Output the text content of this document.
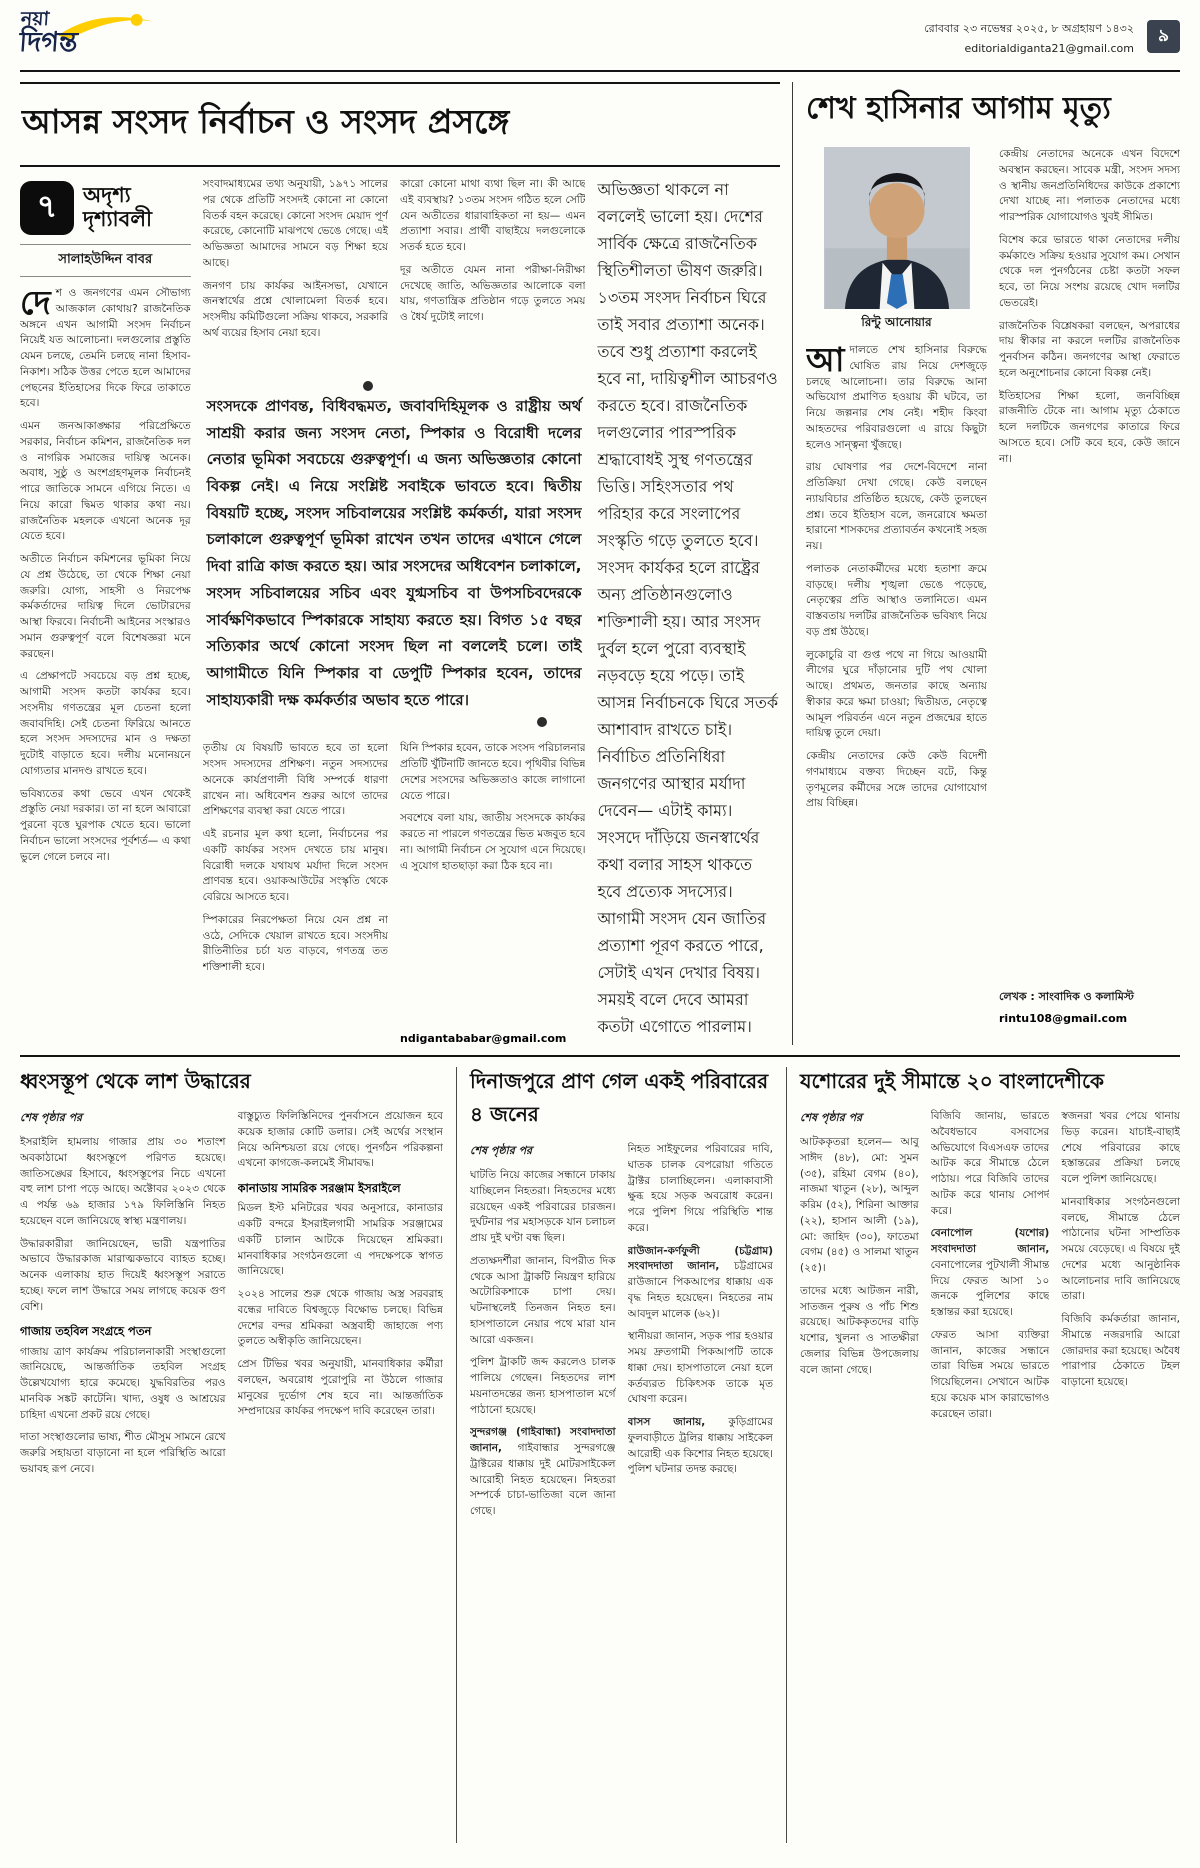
নয়া
দিগন্ত	রোববার ২৩ নভেম্বর ২০২৫, ৮ অগ্রহায়ণ ১৪৩২
editorialdiganta21@gmail.com
৯
আসন্ন সংসদ নির্বাচন ও সংসদ প্রসঙ্গে
৭ অদৃশ্য
দৃশ্যাবলী
সালাহউদ্দিন বাবর

দেশ ও জনগণের এমন সৌভাগ্য আজকাল কোথায়? রাজনৈতিক অঙ্গনে এখন আগামী সংসদ নির্বাচন নিয়েই যত আলোচনা। দলগুলোর প্রস্তুতি যেমন চলছে, তেমনি চলছে নানা হিসাব-নিকাশ। সঠিক উত্তর পেতে হলে আমাদের পেছনের ইতিহাসের দিকে ফিরে তাকাতে হবে।

এমন জনআকাঙ্ক্ষার পরিপ্রেক্ষিতে সরকার, নির্বাচন কমিশন, রাজনৈতিক দল ও নাগরিক সমাজের দায়িত্ব অনেক। অবাধ, সুষ্ঠু ও অংশগ্রহণমূলক নির্বাচনই পারে জাতিকে সামনে এগিয়ে নিতে। এ নিয়ে কারো দ্বিমত থাকার কথা নয়। রাজনৈতিক মহলকে এখনো অনেক দূর যেতে হবে।

অতীতে নির্বাচন কমিশনের ভূমিকা নিয়ে যে প্রশ্ন উঠেছে, তা থেকে শিক্ষা নেয়া জরুরি। যোগ্য, সাহসী ও নিরপেক্ষ কর্মকর্তাদের দায়িত্ব দিলে ভোটারদের আস্থা ফিরবে। নির্বাচনী আইনের সংস্কারও সমান গুরুত্বপূর্ণ বলে বিশেষজ্ঞরা মনে করছেন।

এ প্রেক্ষাপটে সবচেয়ে বড় প্রশ্ন হচ্ছে, আগামী সংসদ কতটা কার্যকর হবে। সংসদীয় গণতন্ত্রের মূল চেতনা হলো জবাবদিহি। সেই চেতনা ফিরিয়ে আনতে হলে সংসদ সদস্যদের মান ও দক্ষতা দুটোই বাড়াতে হবে। দলীয় মনোনয়নে যোগ্যতার মানদণ্ড রাখতে হবে।

ভবিষ্যতের কথা ভেবে এখন থেকেই প্রস্তুতি নেয়া দরকার। তা না হলে আবারো পুরনো বৃত্তে ঘুরপাক খেতে হবে। ভালো নির্বাচন ভালো সংসদের পূর্বশর্ত— এ কথা ভুলে গেলে চলবে না।

সংবাদমাধ্যমের তথ্য অনুযায়ী, ১৯৭১ সালের পর থেকে প্রতিটি সংসদই কোনো না কোনো বিতর্ক বহন করেছে। কোনো সংসদ মেয়াদ পূর্ণ করেছে, কোনোটি মাঝপথে ভেঙে গেছে। এই অভিজ্ঞতা আমাদের সামনে বড় শিক্ষা হয়ে আছে।

জনগণ চায় কার্যকর আইনসভা, যেখানে জনস্বার্থের প্রশ্নে খোলামেলা বিতর্ক হবে। সংসদীয় কমিটিগুলো সক্রিয় থাকবে, সরকারি অর্থ ব্যয়ের হিসাব নেয়া হবে।

কারো কোনো মাথা ব্যথা ছিল না। কী আছে এই ব্যবস্থায়? ১৩তম সংসদ গঠিত হলে সেটি যেন অতীতের ধারাবাহিকতা না হয়— এমন প্রত্যাশা সবার। প্রার্থী বাছাইয়ে দলগুলোকে সতর্ক হতে হবে।

দূর অতীতে যেমন নানা পরীক্ষা-নিরীক্ষা দেখেছে জাতি, অভিজ্ঞতার আলোকে বলা যায়, গণতান্ত্রিক প্রতিষ্ঠান গড়ে তুলতে সময় ও ধৈর্য দুটোই লাগে।

সংসদকে প্রাণবন্ত, বিধিবদ্ধমত, জবাবদিহিমূলক ও রাষ্ট্রীয় অর্থ সাশ্রয়ী করার জন্য সংসদ নেতা, স্পিকার ও বিরোধী দলের নেতার ভূমিকা সবচেয়ে গুরুত্বপূর্ণ। এ জন্য অভিজ্ঞতার কোনো বিকল্প নেই। এ নিয়ে সংশ্লিষ্ট সবাইকে ভাবতে হবে। দ্বিতীয় বিষয়টি হচ্ছে, সংসদ সচিবালয়ের সংশ্লিষ্ট কর্মকর্তা, যারা সংসদ চলাকালে গুরুত্বপূর্ণ ভূমিকা রাখেন তখন তাদের এখানে গেলে দিবা রাত্রি কাজ করতে হয়। আর সংসদের অধিবেশন চলাকালে, সংসদ সচিবালয়ের সচিব এবং যুগ্মসচিব বা উপসচিবদেরকে সার্বক্ষণিকভাবে স্পিকারকে সাহায্য করতে হয়। বিগত ১৫ বছর সত্যিকার অর্থে কোনো সংসদ ছিল না বললেই চলে। তাই আগামীতে যিনি স্পিকার বা ডেপুটি স্পিকার হবেন, তাদের সাহায্যকারী দক্ষ কর্মকর্তার অভাব হতে পারে।

তৃতীয় যে বিষয়টি ভাবতে হবে তা হলো সংসদ সদস্যদের প্রশিক্ষণ। নতুন সদস্যদের অনেকে কার্যপ্রণালী বিধি সম্পর্কে ধারণা রাখেন না। অধিবেশন শুরুর আগে তাদের প্রশিক্ষণের ব্যবস্থা করা যেতে পারে।

এই রচনার মূল কথা হলো, নির্বাচনের পর একটি কার্যকর সংসদ দেখতে চায় মানুষ। বিরোধী দলকে যথাযথ মর্যাদা দিলে সংসদ প্রাণবন্ত হবে। ওয়াকআউটের সংস্কৃতি থেকে বেরিয়ে আসতে হবে।

স্পিকারের নিরপেক্ষতা নিয়ে যেন প্রশ্ন না ওঠে, সেদিকে খেয়াল রাখতে হবে। সংসদীয় রীতিনীতির চর্চা যত বাড়বে, গণতন্ত্র তত শক্তিশালী হবে।

যিনি স্পিকার হবেন, তাকে সংসদ পরিচালনার প্রতিটি খুঁটিনাটি জানতে হবে। পৃথিবীর বিভিন্ন দেশের সংসদের অভিজ্ঞতাও কাজে লাগানো যেতে পারে।

সবশেষে বলা যায়, জাতীয় সংসদকে কার্যকর করতে না পারলে গণতন্ত্রের ভিত মজবুত হবে না। আগামী নির্বাচন সে সুযোগ এনে দিয়েছে। এ সুযোগ হাতছাড়া করা ঠিক হবে না।

ndigantababar@gmail.com

অভিজ্ঞতা থাকলে না বললেই ভালো হয়। দেশের সার্বিক ক্ষেত্রে রাজনৈতিক স্থিতিশীলতা ভীষণ জরুরি। ১৩তম সংসদ নির্বাচন ঘিরে তাই সবার প্রত্যাশা অনেক।

তবে শুধু প্রত্যাশা করলেই হবে না, দায়িত্বশীল আচরণও করতে হবে। রাজনৈতিক দলগুলোর পারস্পরিক শ্রদ্ধাবোধই সুস্থ গণতন্ত্রের ভিত্তি। সহিংসতার পথ পরিহার করে সংলাপের সংস্কৃতি গড়ে তুলতে হবে।

সংসদ কার্যকর হলে রাষ্ট্রের অন্য প্রতিষ্ঠানগুলোও শক্তিশালী হয়। আর সংসদ দুর্বল হলে পুরো ব্যবস্থাই নড়বড়ে হয়ে পড়ে। তাই আসন্ন নির্বাচনকে ঘিরে সতর্ক আশাবাদ রাখতে চাই।

নির্বাচিত প্রতিনিধিরা জনগণের আস্থার মর্যাদা দেবেন— এটাই কাম্য। সংসদে দাঁড়িয়ে জনস্বার্থের কথা বলার সাহস থাকতে হবে প্রত্যেক সদস্যের।

আগামী সংসদ যেন জাতির প্রত্যাশা পূরণ করতে পারে, সেটাই এখন দেখার বিষয়। সময়ই বলে দেবে আমরা কতটা এগোতে পারলাম।

শেখ হাসিনার আগাম মৃত্যু
রিন্টু আনোয়ার

আদালতে শেখ হাসিনার বিরুদ্ধে ঘোষিত রায় নিয়ে দেশজুড়ে চলছে আলোচনা। তার বিরুদ্ধে আনা অভিযোগ প্রমাণিত হওয়ায় কী ঘটবে, তা নিয়ে জল্পনার শেষ নেই। শহীদ কিংবা আহতদের পরিবারগুলো এ রায়ে কিছুটা হলেও সান্ত্বনা খুঁজছে।

রায় ঘোষণার পর দেশে-বিদেশে নানা প্রতিক্রিয়া দেখা গেছে। কেউ বলছেন ন্যায়বিচার প্রতিষ্ঠিত হয়েছে, কেউ তুলছেন প্রশ্ন। তবে ইতিহাস বলে, জনরোষে ক্ষমতা হারানো শাসকদের প্রত্যাবর্তন কখনোই সহজ নয়।

পলাতক নেতাকর্মীদের মধ্যে হতাশা ক্রমে বাড়ছে। দলীয় শৃঙ্খলা ভেঙে পড়েছে, নেতৃত্বের প্রতি আস্থাও তলানিতে। এমন বাস্তবতায় দলটির রাজনৈতিক ভবিষ্যৎ নিয়ে বড় প্রশ্ন উঠছে।

লুকোচুরি বা গুপ্ত পথে না গিয়ে আওয়ামী লীগের ঘুরে দাঁড়ানোর দুটি পথ খোলা আছে। প্রথমত, জনতার কাছে অন্যায় স্বীকার করে ক্ষমা চাওয়া; দ্বিতীয়ত, নেতৃত্বে আমূল পরিবর্তন এনে নতুন প্রজন্মের হাতে দায়িত্ব তুলে দেয়া।

কেন্দ্রীয় নেতাদের কেউ কেউ বিদেশী গণমাধ্যমে বক্তব্য দিচ্ছেন বটে, কিন্তু তৃণমূলের কর্মীদের সঙ্গে তাদের যোগাযোগ প্রায় বিচ্ছিন্ন।

কেন্দ্রীয় নেতাদের অনেকে এখন বিদেশে অবস্থান করছেন। সাবেক মন্ত্রী, সংসদ সদস্য ও স্থানীয় জনপ্রতিনিধিদের কাউকে প্রকাশ্যে দেখা যাচ্ছে না। পলাতক নেতাদের মধ্যে পারস্পরিক যোগাযোগও খুবই সীমিত।

বিশেষ করে ভারতে থাকা নেতাদের দলীয় কর্মকাণ্ডে সক্রিয় হওয়ার সুযোগ কম। সেখান থেকে দল পুনর্গঠনের চেষ্টা কতটা সফল হবে, তা নিয়ে সংশয় রয়েছে খোদ দলটির ভেতরেই।

রাজনৈতিক বিশ্লেষকরা বলছেন, অপরাধের দায় স্বীকার না করলে দলটির রাজনৈতিক পুনর্বাসন কঠিন। জনগণের আস্থা ফেরাতে হলে অনুশোচনার কোনো বিকল্প নেই।

ইতিহাসের শিক্ষা হলো, জনবিচ্ছিন্ন রাজনীতি টেকে না। আগাম মৃত্যু ঠেকাতে হলে দলটিকে জনগণের কাতারে ফিরে আসতে হবে। সেটি কবে হবে, কেউ জানে না।

লেখক : সাংবাদিক ও কলামিস্ট
rintu108@gmail.com
ধ্বংসস্তূপ থেকে লাশ উদ্ধারের
শেষ পৃষ্ঠার পর

ইসরাইলি হামলায় গাজার প্রায় ৩০ শতাংশ অবকাঠামো ধ্বংসস্তূপে পরিণত হয়েছে। জাতিসঙ্ঘের হিসাবে, ধ্বংসস্তূপের নিচে এখনো বহু লাশ চাপা পড়ে আছে। অক্টোবর ২০২৩ থেকে এ পর্যন্ত ৬৯ হাজার ১৭৯ ফিলিস্তিনি নিহত হয়েছেন বলে জানিয়েছে স্বাস্থ্য মন্ত্রণালয়।

উদ্ধারকারীরা জানিয়েছেন, ভারী যন্ত্রপাতির অভাবে উদ্ধারকাজ মারাত্মকভাবে ব্যাহত হচ্ছে। অনেক এলাকায় হাত দিয়েই ধ্বংসস্তূপ সরাতে হচ্ছে। ফলে লাশ উদ্ধারে সময় লাগছে কয়েক গুণ বেশি।

গাজায় তহবিল সংগ্রহে পতন

গাজায় ত্রাণ কার্যক্রম পরিচালনাকারী সংস্থাগুলো জানিয়েছে, আন্তর্জাতিক তহবিল সংগ্রহ উল্লেখযোগ্য হারে কমেছে। যুদ্ধবিরতির পরও মানবিক সঙ্কট কাটেনি। খাদ্য, ওষুধ ও আশ্রয়ের চাহিদা এখনো প্রকট রয়ে গেছে।

দাতা সংস্থাগুলোর ভাষ্য, শীত মৌসুম সামনে রেখে জরুরি সহায়তা বাড়ানো না হলে পরিস্থিতি আরো ভয়াবহ রূপ নেবে।

বাস্তুচ্যুত ফিলিস্তিনিদের পুনর্বাসনে প্রয়োজন হবে কয়েক হাজার কোটি ডলার। সেই অর্থের সংস্থান নিয়ে অনিশ্চয়তা রয়ে গেছে। পুনর্গঠন পরিকল্পনা এখনো কাগজে-কলমেই সীমাবদ্ধ।

কানাডায় সামরিক সরঞ্জাম ইসরাইলে

মিডল ইস্ট মনিটরের খবর অনুসারে, কানাডার একটি বন্দরে ইসরাইলগামী সামরিক সরঞ্জামের একটি চালান আটকে দিয়েছেন শ্রমিকরা। মানবাধিকার সংগঠনগুলো এ পদক্ষেপকে স্বাগত জানিয়েছে।

২০২৪ সালের শুরু থেকে গাজায় অস্ত্র সরবরাহ বন্ধের দাবিতে বিশ্বজুড়ে বিক্ষোভ চলছে। বিভিন্ন দেশের বন্দর শ্রমিকরা অস্ত্রবাহী জাহাজে পণ্য তুলতে অস্বীকৃতি জানিয়েছেন।

প্রেস টিভির খবর অনুযায়ী, মানবাধিকার কর্মীরা বলছেন, অবরোধ পুরোপুরি না উঠলে গাজার মানুষের দুর্ভোগ শেষ হবে না। আন্তর্জাতিক সম্প্রদায়ের কার্যকর পদক্ষেপ দাবি করেছেন তারা।

দিনাজপুরে প্রাণ গেল একই পরিবারের ৪ জনের
শেষ পৃষ্ঠার পর

ঘাটতি নিয়ে কাজের সন্ধানে ঢাকায় যাচ্ছিলেন নিহতরা। নিহতদের মধ্যে রয়েছেন একই পরিবারের চারজন। দুর্ঘটনার পর মহাসড়কে যান চলাচল প্রায় দুই ঘণ্টা বন্ধ ছিল।

প্রত্যক্ষদর্শীরা জানান, বিপরীত দিক থেকে আসা ট্রাকটি নিয়ন্ত্রণ হারিয়ে অটোরিকশাকে চাপা দেয়। ঘটনাস্থলেই তিনজন নিহত হন। হাসপাতালে নেয়ার পথে মারা যান আরো একজন।

পুলিশ ট্রাকটি জব্দ করলেও চালক পালিয়ে গেছেন। নিহতদের লাশ ময়নাতদন্তের জন্য হাসপাতাল মর্গে পাঠানো হয়েছে।

সুন্দরগঞ্জ (গাইবান্ধা) সংবাদদাতা জানান, গাইবান্ধার সুন্দরগঞ্জে ট্রাক্টরের ধাক্কায় দুই মোটরসাইকেল আরোহী নিহত হয়েছেন। নিহতরা সম্পর্কে চাচা-ভাতিজা বলে জানা গেছে।

নিহত সাইফুলের পরিবারের দাবি, ঘাতক চালক বেপরোয়া গতিতে ট্রাক্টর চালাচ্ছিলেন। এলাকাবাসী ক্ষুব্ধ হয়ে সড়ক অবরোধ করেন। পরে পুলিশ গিয়ে পরিস্থিতি শান্ত করে।

রাউজান-কর্ণফুলী (চট্টগ্রাম) সংবাদদাতা জানান, চট্টগ্রামের রাউজানে পিকআপের ধাক্কায় এক বৃদ্ধ নিহত হয়েছেন। নিহতের নাম আবদুল মালেক (৬২)।

স্থানীয়রা জানান, সড়ক পার হওয়ার সময় দ্রুতগামী পিকআপটি তাকে ধাক্কা দেয়। হাসপাতালে নেয়া হলে কর্তব্যরত চিকিৎসক তাকে মৃত ঘোষণা করেন।

বাসস জানায়, কুড়িগ্রামের ফুলবাড়ীতে ট্রলির ধাক্কায় সাইকেল আরোহী এক কিশোর নিহত হয়েছে। পুলিশ ঘটনার তদন্ত করছে।

যশোরের দুই সীমান্তে ২০ বাংলাদেশীকে
শেষ পৃষ্ঠার পর

আটককৃতরা হলেন— আবু সাঈদ (৪৮), মো: সুমন (৩৫), রহিমা বেগম (৪০), নাজমা খাতুন (২৮), আব্দুল করিম (৫২), শিরিনা আক্তার (২২), হাসান আলী (১৯), মো: জাহিদ (৩০), ফাতেমা বেগম (৪৫) ও সালমা খাতুন (২৫)।

তাদের মধ্যে আটজন নারী, সাতজন পুরুষ ও পাঁচ শিশু রয়েছে। আটককৃতদের বাড়ি যশোর, খুলনা ও সাতক্ষীরা জেলার বিভিন্ন উপজেলায় বলে জানা গেছে।

বিজিবি জানায়, ভারতে অবৈধভাবে বসবাসের অভিযোগে বিএসএফ তাদের আটক করে সীমান্তে ঠেলে পাঠায়। পরে বিজিবি তাদের আটক করে থানায় সোপর্দ করে।

বেনাপোল (যশোর) সংবাদদাতা জানান, বেনাপোলের পুটখালী সীমান্ত দিয়ে ফেরত আসা ১০ জনকে পুলিশের কাছে হস্তান্তর করা হয়েছে।

ফেরত আসা ব্যক্তিরা জানান, কাজের সন্ধানে তারা বিভিন্ন সময়ে ভারতে গিয়েছিলেন। সেখানে আটক হয়ে কয়েক মাস কারাভোগও করেছেন তারা।

স্বজনরা খবর পেয়ে থানায় ভিড় করেন। যাচাই-বাছাই শেষে পরিবারের কাছে হস্তান্তরের প্রক্রিয়া চলছে বলে পুলিশ জানিয়েছে।

মানবাধিকার সংগঠনগুলো বলছে, সীমান্তে ঠেলে পাঠানোর ঘটনা সাম্প্রতিক সময়ে বেড়েছে। এ বিষয়ে দুই দেশের মধ্যে আনুষ্ঠানিক আলোচনার দাবি জানিয়েছে তারা।

বিজিবি কর্মকর্তারা জানান, সীমান্তে নজরদারি আরো জোরদার করা হয়েছে। অবৈধ পারাপার ঠেকাতে টহল বাড়ানো হয়েছে।
